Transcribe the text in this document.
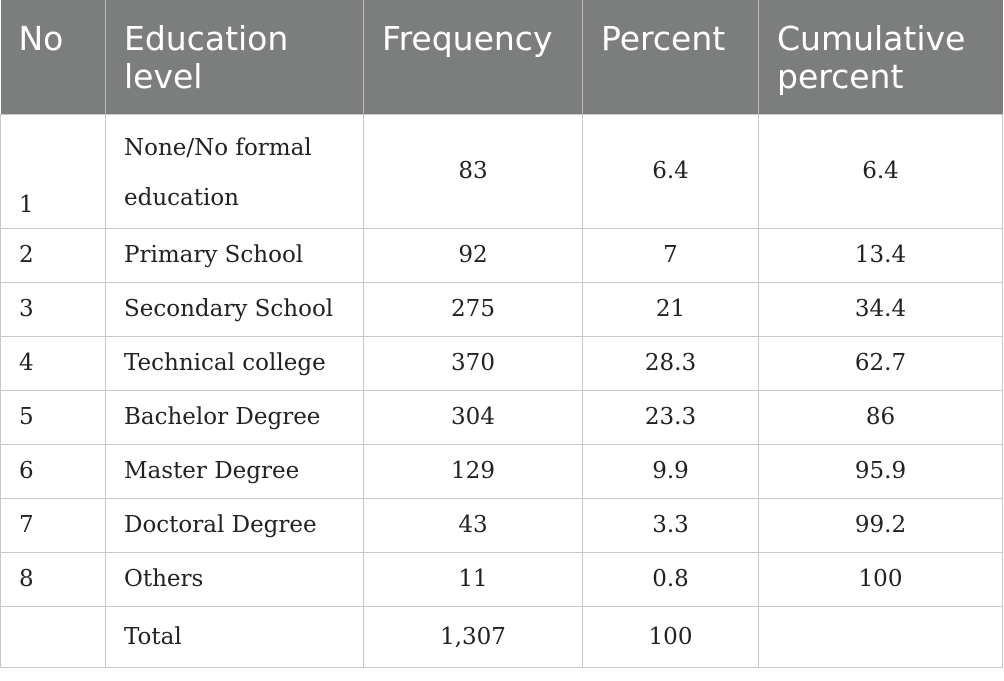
No	Education level	Frequency	Percent	Cumulative percent
1	None/No formal education	83	6.4	6.4
2	Primary School	92	7	13.4
3	Secondary School	275	21	34.4
4	Technical college	370	28.3	62.7
5	Bachelor Degree	304	23.3	86
6	Master Degree	129	9.9	95.9
7	Doctoral Degree	43	3.3	99.2
8	Others	11	0.8	100
	Total	1,307	100	
